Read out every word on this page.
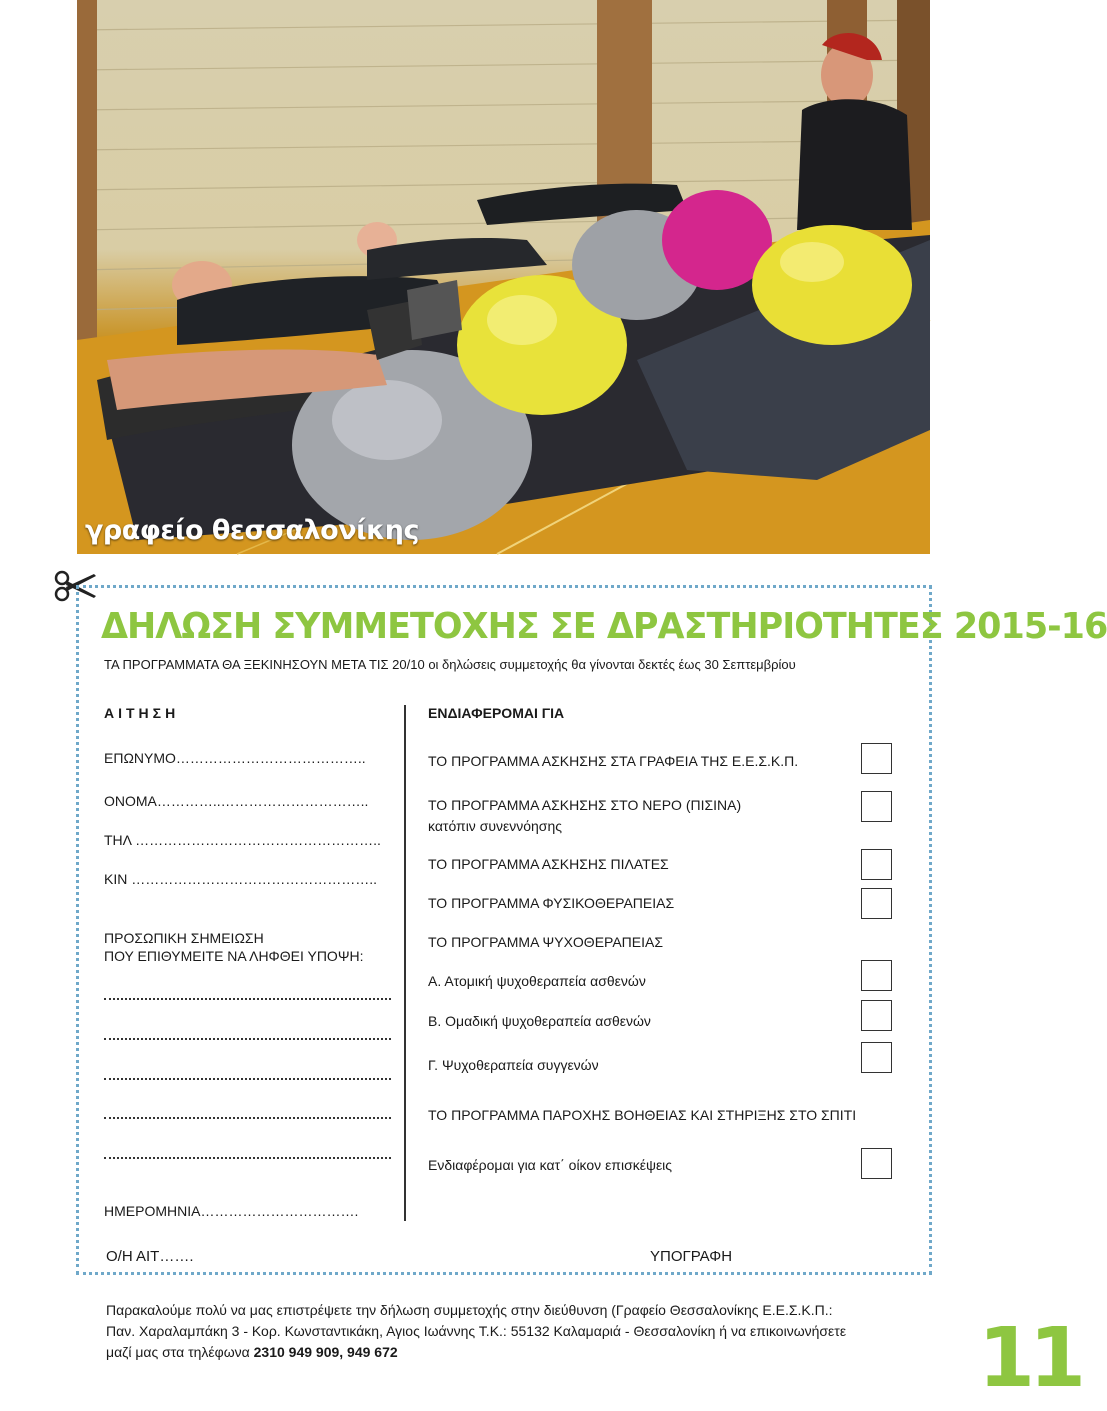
γραφείο θεσσαλονίκης
ΔΗΛΩΣΗ ΣΥΜΜΕΤΟΧΗΣ ΣΕ ΔΡΑΣΤΗΡΙΟΤΗΤΕΣ 2015-16
ΤΑ ΠΡΟΓΡΑΜΜΑΤΑ ΘΑ ΞΕΚΙΝΗΣΟΥΝ ΜΕΤΑ ΤΙΣ 20/10 οι δηλώσεις συμμετοχής θα γίνονται δεκτές έως 30 Σεπτεμβρίου
ΑΙΤΗΣΗ
ΕΠΩΝΥΜΟ…………………………………..
ΟΝΟΜΑ…………..…………………………..
ΤΗΛ ……………………………………………..
ΚΙΝ ……………………………………………..
ΠΡΟΣΩΠΙΚΗ ΣΗΜΕΙΩΣΗ
ΠΟΥ ΕΠΙΘΥΜΕΙΤΕ ΝΑ ΛΗΦΘΕΙ ΥΠΟΨΗ:
ΗΜΕΡΟΜΗΝΙΑ…………………………….
Ο/Η ΑΙΤ…….
ΕΝΔΙΑΦΕΡΟΜΑΙ ΓΙΑ
ΤΟ ΠΡΟΓΡΑΜΜΑ ΑΣΚΗΣΗΣ ΣΤΑ ΓΡΑΦΕΙΑ ΤΗΣ Ε.Ε.Σ.Κ.Π.
ΤΟ ΠΡΟΓΡΑΜΜΑ ΑΣΚΗΣΗΣ ΣΤΟ ΝΕΡΟ (ΠΙΣΙΝΑ)
κατόπιν συνεννόησης
ΤΟ ΠΡΟΓΡΑΜΜΑ ΑΣΚΗΣΗΣ ΠΙΛΑΤΕΣ
ΤΟ ΠΡΟΓΡΑΜΜΑ ΦΥΣΙΚΟΘΕΡΑΠΕΙΑΣ
ΤΟ ΠΡΟΓΡΑΜΜΑ ΨΥΧΟΘΕΡΑΠΕΙΑΣ
Α. Ατομική ψυχοθεραπεία ασθενών
Β. Ομαδική ψυχοθεραπεία ασθενών
Γ. Ψυχοθεραπεία συγγενών
ΤΟ ΠΡΟΓΡΑΜΜΑ ΠΑΡΟΧΗΣ ΒΟΗΘΕΙΑΣ ΚΑΙ ΣΤΗΡΙΞΗΣ ΣΤΟ ΣΠΙΤΙ
Ενδιαφέρομαι για κατ΄ οίκον επισκέψεις
ΥΠΟΓΡΑΦΗ
Παρακαλούμε πολύ να μας επιστρέψετε την δήλωση συμμετοχής στην διεύθυνση (Γραφείο Θεσσαλονίκης Ε.Ε.Σ.Κ.Π.:
Παν. Χαραλαμπάκη 3 - Κορ. Κωνσταντικάκη, Αγιος Ιωάννης Τ.Κ.: 55132 Καλαμαριά - Θεσσαλονίκη ή να επικοινωνήσετε
μαζί μας στα τηλέφωνα 2310 949 909, 949 672	11
